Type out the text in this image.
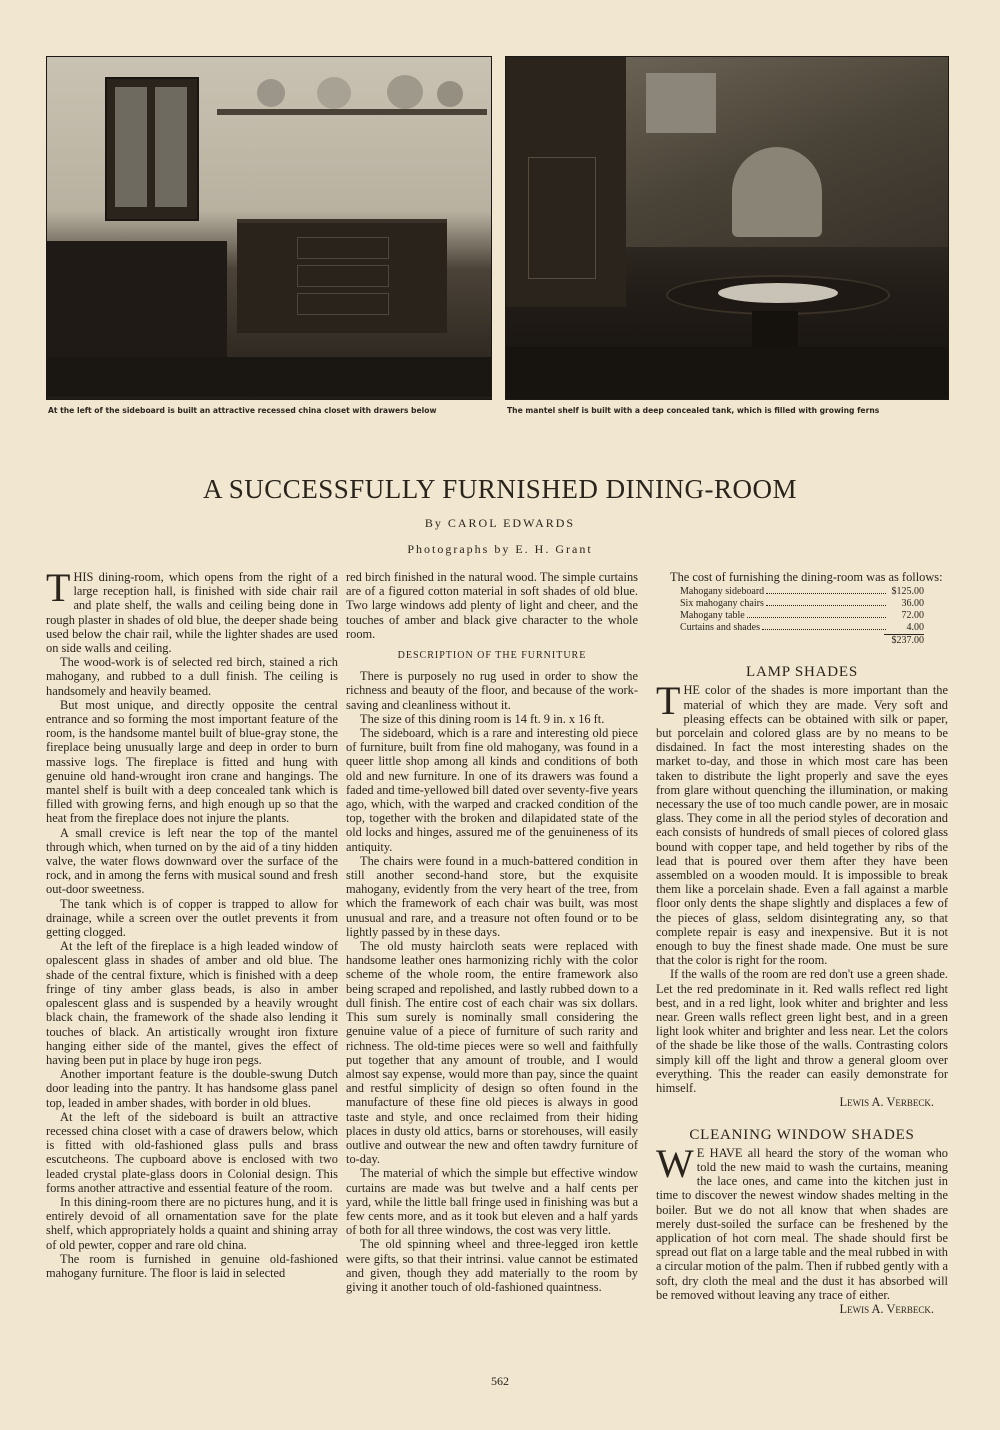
At the left of the sideboard is built an attractive recessed china closet with drawers below	The mantel shelf is built with a deep concealed tank, which is filled with growing ferns
A SUCCESSFULLY FURNISHED DINING-ROOM
By CAROL EDWARDS
Photographs by E. H. Grant

THIS dining-room, which opens from the right of a large reception hall, is finished with side chair rail and plate shelf, the walls and ceiling being done in rough plaster in shades of old blue, the deeper shade being used below the chair rail, while the lighter shades are used on side walls and ceiling.

The wood-work is of selected red birch, stained a rich mahogany, and rubbed to a dull finish. The ceiling is handsomely and heavily beamed.

But most unique, and directly opposite the central entrance and so forming the most important feature of the room, is the handsome mantel built of blue-gray stone, the fireplace being unusually large and deep in order to burn massive logs. The fireplace is fitted and hung with genuine old hand-wrought iron crane and hangings. The mantel shelf is built with a deep concealed tank which is filled with growing ferns, and high enough up so that the heat from the fireplace does not injure the plants.

A small crevice is left near the top of the mantel through which, when turned on by the aid of a tiny hidden valve, the water flows downward over the surface of the rock, and in among the ferns with musical sound and fresh out-door sweetness.

The tank which is of copper is trapped to allow for drainage, while a screen over the outlet prevents it from getting clogged.

At the left of the fireplace is a high leaded window of opalescent glass in shades of amber and old blue. The shade of the central fixture, which is finished with a deep fringe of tiny amber glass beads, is also in amber opalescent glass and is suspended by a heavily wrought black chain, the framework of the shade also lending it touches of black. An artistically wrought iron fixture hanging either side of the mantel, gives the effect of having been put in place by huge iron pegs.

Another important feature is the double-swung Dutch door leading into the pantry. It has handsome glass panel top, leaded in amber shades, with border in old blues.

At the left of the sideboard is built an attractive recessed china closet with a case of drawers below, which is fitted with old-fashioned glass pulls and brass escutcheons. The cupboard above is enclosed with two leaded crystal plate-glass doors in Colonial design. This forms another attractive and essential feature of the room.

In this dining-room there are no pictures hung, and it is entirely devoid of all ornamentation save for the plate shelf, which appropriately holds a quaint and shining array of old pewter, copper and rare old china.

The room is furnished in genuine old-fashioned mahogany furniture. The floor is laid in selected

red birch finished in the natural wood. The simple curtains are of a figured cotton material in soft shades of old blue. Two large windows add plenty of light and cheer, and the touches of amber and black give character to the whole room.

DESCRIPTION OF THE FURNITURE

There is purposely no rug used in order to show the richness and beauty of the floor, and because of the work-saving and cleanliness without it.

The size of this dining room is 14 ft. 9 in. x 16 ft.

The sideboard, which is a rare and interesting old piece of furniture, built from fine old mahogany, was found in a queer little shop among all kinds and conditions of both old and new furniture. In one of its drawers was found a faded and time-yellowed bill dated over seventy-five years ago, which, with the warped and cracked condition of the top, together with the broken and dilapidated state of the old locks and hinges, assured me of the genuineness of its antiquity.

The chairs were found in a much-battered condition in still another second-hand store, but the exquisite mahogany, evidently from the very heart of the tree, from which the framework of each chair was built, was most unusual and rare, and a treasure not often found or to be lightly passed by in these days.

The old musty haircloth seats were replaced with handsome leather ones harmonizing richly with the color scheme of the whole room, the entire framework also being scraped and repolished, and lastly rubbed down to a dull finish. The entire cost of each chair was six dollars. This sum surely is nominally small considering the genuine value of a piece of furniture of such rarity and richness. The old-time pieces were so well and faithfully put together that any amount of trouble, and I would almost say expense, would more than pay, since the quaint and restful simplicity of design so often found in the manufacture of these fine old pieces is always in good taste and style, and once reclaimed from their hiding places in dusty old attics, barns or storehouses, will easily outlive and outwear the new and often tawdry furniture of to-day.

The material of which the simple but effective window curtains are made was but twelve and a half cents per yard, while the little ball fringe used in finishing was but a few cents more, and as it took but eleven and a half yards of both for all three windows, the cost was very little.

The old spinning wheel and three-legged iron kettle were gifts, so that their intrinsi. value cannot be estimated and given, though they add materially to the room by giving it another touch of old-fashioned quaintness.

The cost of furnishing the dining-room was as follows:

Mahogany sideboard	$125.00
Six mahogany chairs	36.00
Mahogany table	72.00
Curtains and shades	4.00
$237.00
LAMP SHADES

THE color of the shades is more important than the material of which they are made. Very soft and pleasing effects can be obtained with silk or paper, but porcelain and colored glass are by no means to be disdained. In fact the most interesting shades on the market to-day, and those in which most care has been taken to distribute the light properly and save the eyes from glare without quenching the illumination, or making necessary the use of too much candle power, are in mosaic glass. They come in all the period styles of decoration and each consists of hundreds of small pieces of colored glass bound with copper tape, and held together by ribs of the lead that is poured over them after they have been assembled on a wooden mould. It is impossible to break them like a porcelain shade. Even a fall against a marble floor only dents the shape slightly and displaces a few of the pieces of glass, seldom disintegrating any, so that complete repair is easy and inexpensive. But it is not enough to buy the finest shade made. One must be sure that the color is right for the room.

If the walls of the room are red don't use a green shade. Let the red predominate in it. Red walls reflect red light best, and in a red light, look whiter and brighter and less near. Green walls reflect green light best, and in a green light look whiter and brighter and less near. Let the colors of the shade be like those of the walls. Contrasting colors simply kill off the light and throw a general gloom over everything. This the reader can easily demonstrate for himself.

Lewis A. Verbeck.
CLEANING WINDOW SHADES

W E HAVE all heard the story of the woman who told the new maid to wash the curtains, meaning the lace ones, and came into the kitchen just in time to discover the newest window shades melting in the boiler. But we do not all know that when shades are merely dust-soiled the surface can be freshened by the application of hot corn meal. The shade should first be spread out flat on a large table and the meal rubbed in with a circular motion of the palm. Then if rubbed gently with a soft, dry cloth the meal and the dust it has absorbed will be removed without leaving any trace of either.

Lewis A. Verbeck.
562
